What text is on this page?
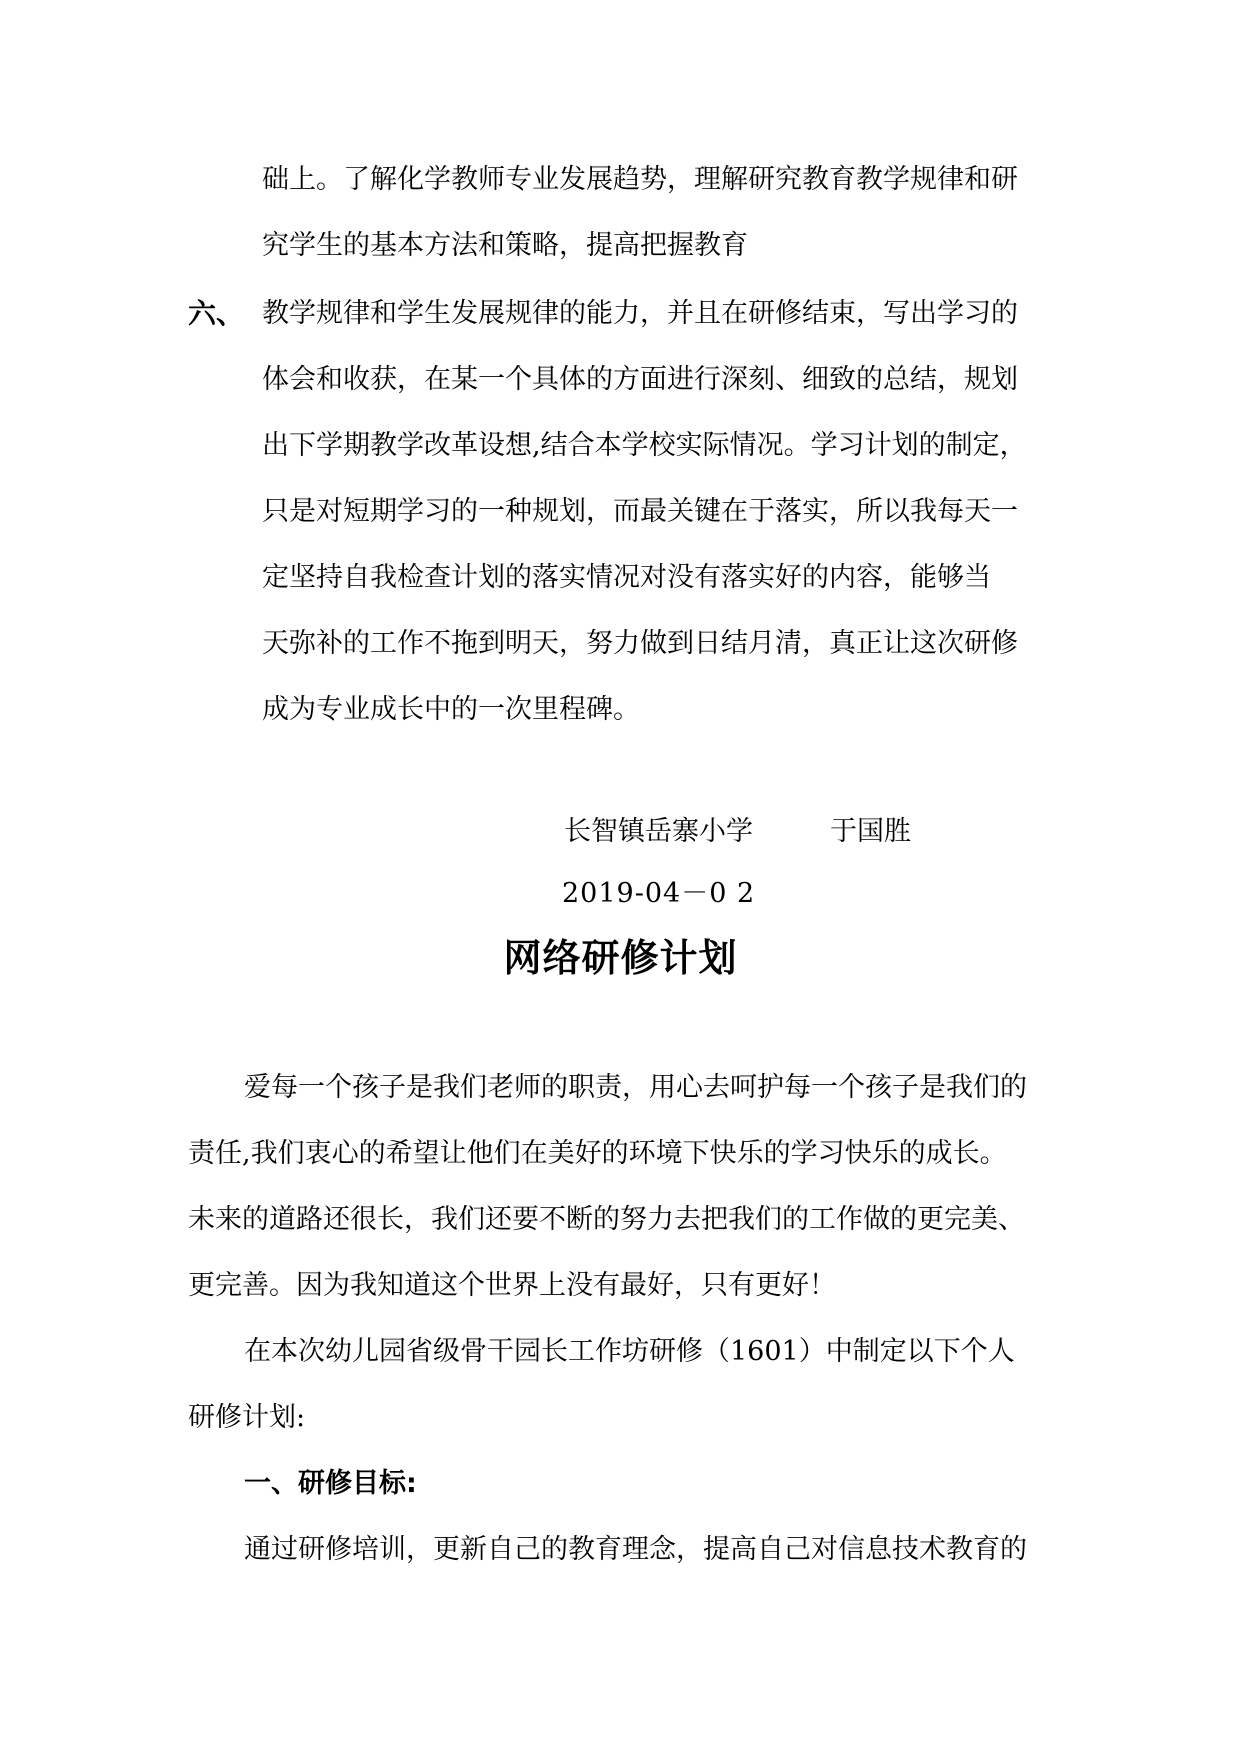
础上。了解化学教师专业发展趋势，理解研究教育教学规律和研
究学生的基本方法和策略，提高把握教育
六、 教学规律和学生发展规律的能力，并且在研修结束，写出学习的
体会和收获，在某一个具体的方面进行深刻、细致的总结，规划
出下学期教学改革设想,结合本学校实际情况。学习计划的制定，
只是对短期学习的一种规划，而最关键在于落实，所以我每天一
定坚持自我检查计划的落实情况对没有落实好的内容，能够当
天弥补的工作不拖到明天，努力做到日结月清，真正让这次研修
成为专业成长中的一次里程碑。
长智镇岳寨小学	于国胜
2019-04－0 2
网络研修计划
爱每一个孩子是我们老师的职责，用心去呵护每一个孩子是我们的
责任,我们衷心的希望让他们在美好的环境下快乐的学习快乐的成长。
未来的道路还很长，我们还要不断的努力去把我们的工作做的更完美、
更完善。因为我知道这个世界上没有最好，只有更好！
在本次幼儿园省级骨干园长工作坊研修（1601）中制定以下个人
研修计划:
一、研修目标:
通过研修培训，更新自己的教育理念，提高自己对信息技术教育的
